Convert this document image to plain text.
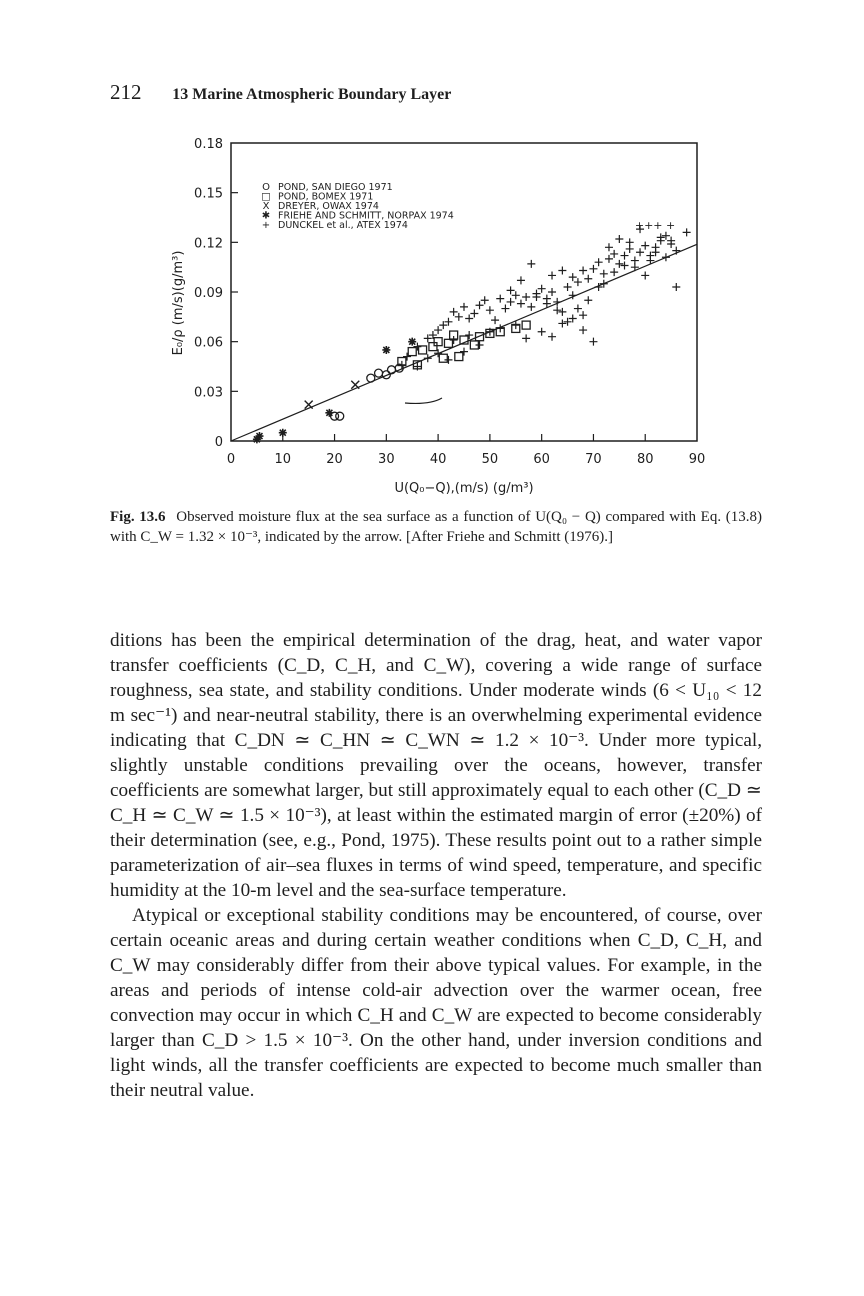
212 13 Marine Atmospheric Boundary Layer
0
0.03
0.06
0.09
0.12
0.15
0.18
0	10	20	30	40	50	60	70	80	90
E₀/ρ (m/s)(g/m³)
U(Q₀−Q),(m/s) (g/m³)
O POND, SAN DIEGO 1971
□ POND, BOMEX 1971
X DREYER, OWAX 1974
✱ FRIEHE AND SCHMITT, NORPAX 1974
+ DUNCKEL et al., ATEX 1974	+++ +
Fig. 13.6 Observed moisture flux at the sea surface as a function of U(Q₀ − Q) compared with Eq. (13.8) with C_W = 1.32 × 10⁻³, indicated by the arrow. [After Friehe and Schmitt (1976).]

ditions has been the empirical determination of the drag, heat, and water vapor transfer coefficients (C_D, C_H, and C_W), covering a wide range of surface roughness, sea state, and stability conditions. Under moderate winds (6 < U₁₀ < 12 m sec⁻¹) and near-neutral stability, there is an overwhelming experimental evidence indicating that C_DN ≃ C_HN ≃ C_WN ≃ 1.2 × 10⁻³. Under more typical, slightly unstable conditions prevailing over the oceans, however, transfer coefficients are somewhat larger, but still approximately equal to each other (C_D ≃ C_H ≃ C_W ≃ 1.5 × 10⁻³), at least within the estimated margin of error (±20%) of their determination (see, e.g., Pond, 1975). These results point out to a rather simple parameterization of air–sea fluxes in terms of wind speed, temperature, and specific humidity at the 10-m level and the sea-surface temperature.

Atypical or exceptional stability conditions may be encountered, of course, over certain oceanic areas and during certain weather conditions when C_D, C_H, and C_W may considerably differ from their above typical values. For example, in the areas and periods of intense cold-air advection over the warmer ocean, free convection may occur in which C_H and C_W are expected to become considerably larger than C_D > 1.5 × 10⁻³. On the other hand, under inversion conditions and light winds, all the transfer coefficients are expected to become much smaller than their neutral value.
